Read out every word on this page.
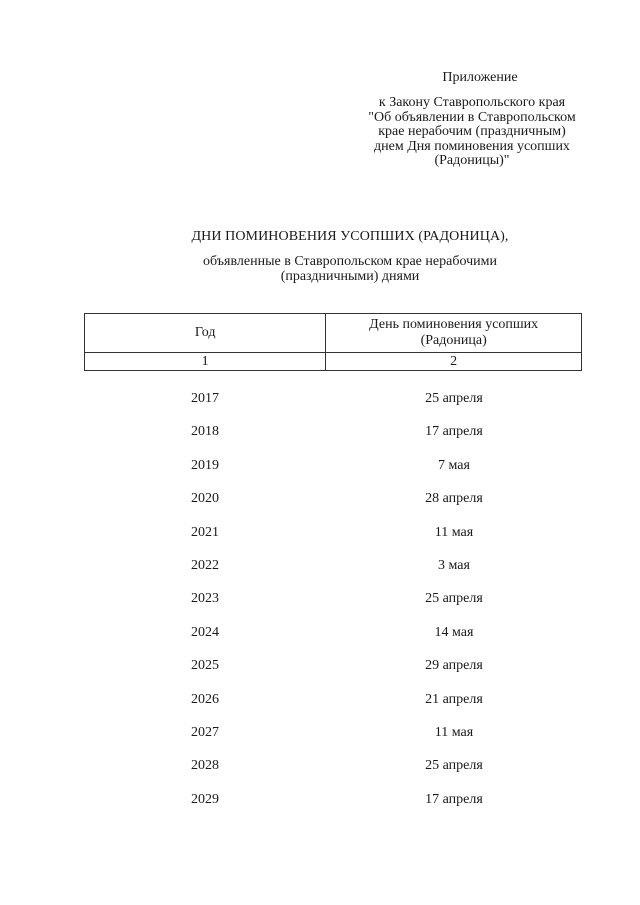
Приложение
к Закону Ставропольского края
"Об объявлении в Ставропольском
крае нерабочим (праздничным)
днем Дня поминовения усопших
(Радоницы)"
ДНИ ПОМИНОВЕНИЯ УСОПШИХ (РАДОНИЦА),
объявленные в Ставропольском крае нерабочими
(праздничными) днями
Год	День поминовения усопших
(Радоница)

1	2
2017	25 апреля
2018	17 апреля
2019	7 мая
2020	28 апреля
2021	11 мая
2022	3 мая
2023	25 апреля
2024	14 мая
2025	29 апреля
2026	21 апреля
2027	11 мая
2028	25 апреля
2029	17 апреля
